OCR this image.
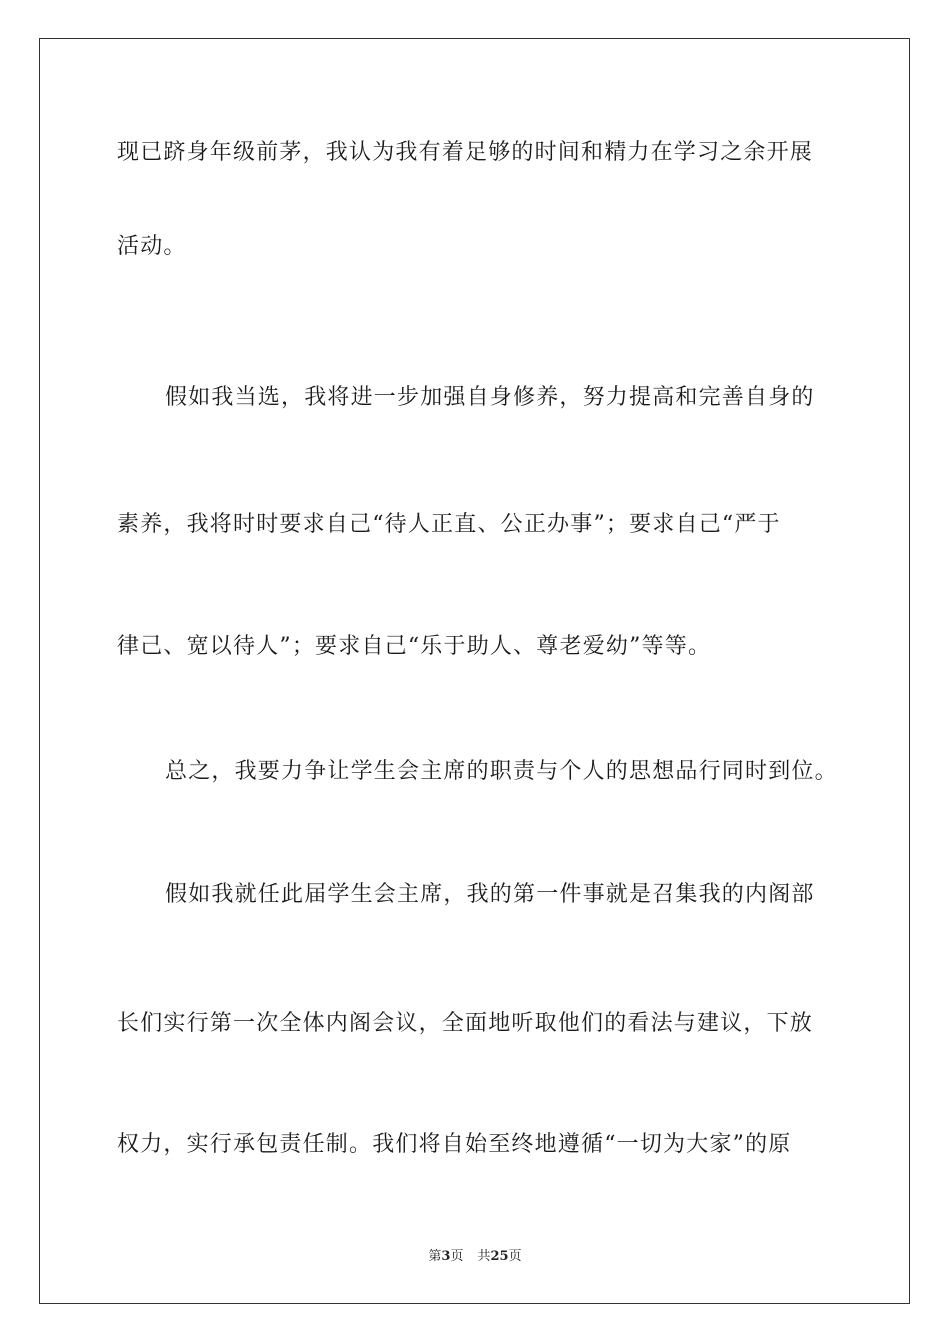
现已跻身年级前茅，我认为我有着足够的时间和精力在学习之余开展
活动。
假如我当选，我将进一步加强自身修养，努力提高和完善自身的
素养，我将时时要求自己“待人正直、公正办事”；要求自己“严于
律己、宽以待人”；要求自己“乐于助人、尊老爱幼”等等。
总之，我要力争让学生会主席的职责与个人的思想品行同时到位。
假如我就任此届学生会主席，我的第一件事就是召集我的内阁部
长们实行第一次全体内阁会议，全面地听取他们的看法与建议，下放
权力，实行承包责任制。我们将自始至终地遵循“一切为大家”的原
第3页 共25页
